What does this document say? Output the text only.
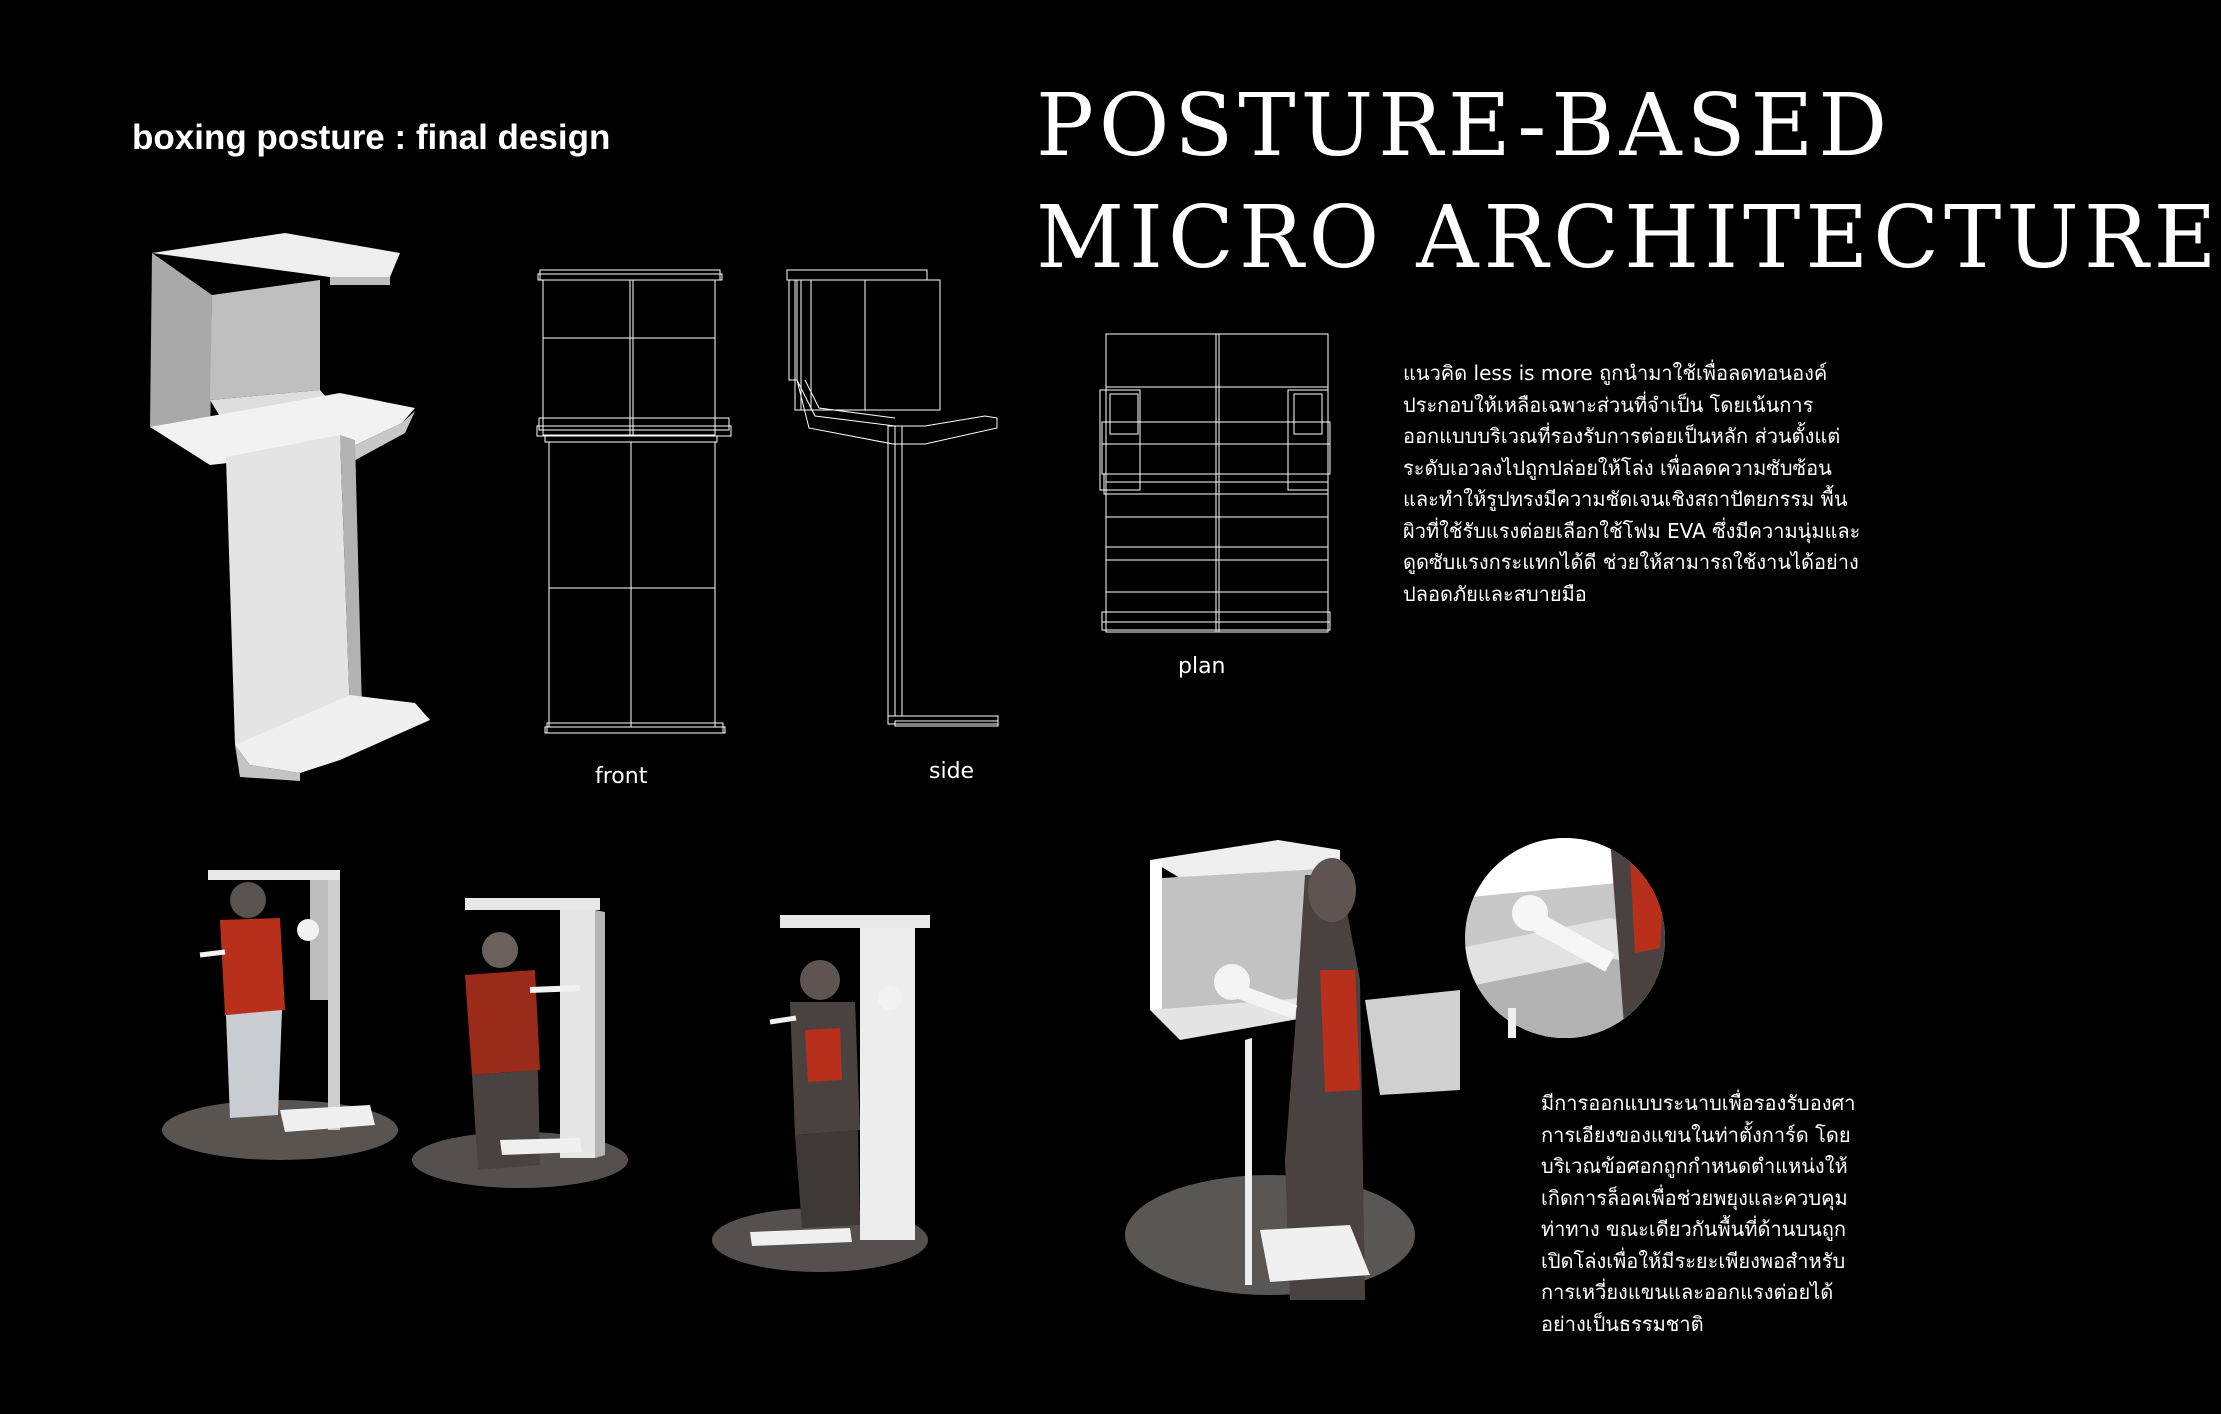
boxing posture : final design	POSTURE-BASED
MICRO ARCHITECTURE
front	side
plan
แนวคิด less is more ถูกนำมาใช้เพื่อลดทอนองค์
ประกอบให้เหลือเฉพาะส่วนที่จำเป็น โดยเน้นการ
ออกแบบบริเวณที่รองรับการต่อยเป็นหลัก ส่วนตั้งแต่
ระดับเอวลงไปถูกปล่อยให้โล่ง เพื่อลดความซับซ้อน
และทำให้รูปทรงมีความชัดเจนเชิงสถาปัตยกรรม พื้น
ผิวที่ใช้รับแรงต่อยเลือกใช้โฟม EVA ซึ่งมีความนุ่มและ
ดูดซับแรงกระแทกได้ดี ช่วยให้สามารถใช้งานได้อย่าง
ปลอดภัยและสบายมือ
มีการออกแบบระนาบเพื่อรองรับองศา
การเอียงของแขนในท่าตั้งการ์ด โดย
บริเวณข้อศอกถูกกำหนดตำแหน่งให้
เกิดการล็อคเพื่อช่วยพยุงและควบคุม
ท่าทาง ขณะเดียวกันพื้นที่ด้านบนถูก
เปิดโล่งเพื่อให้มีระยะเพียงพอสำหรับ
การเหวี่ยงแขนและออกแรงต่อยได้
อย่างเป็นธรรมชาติ
